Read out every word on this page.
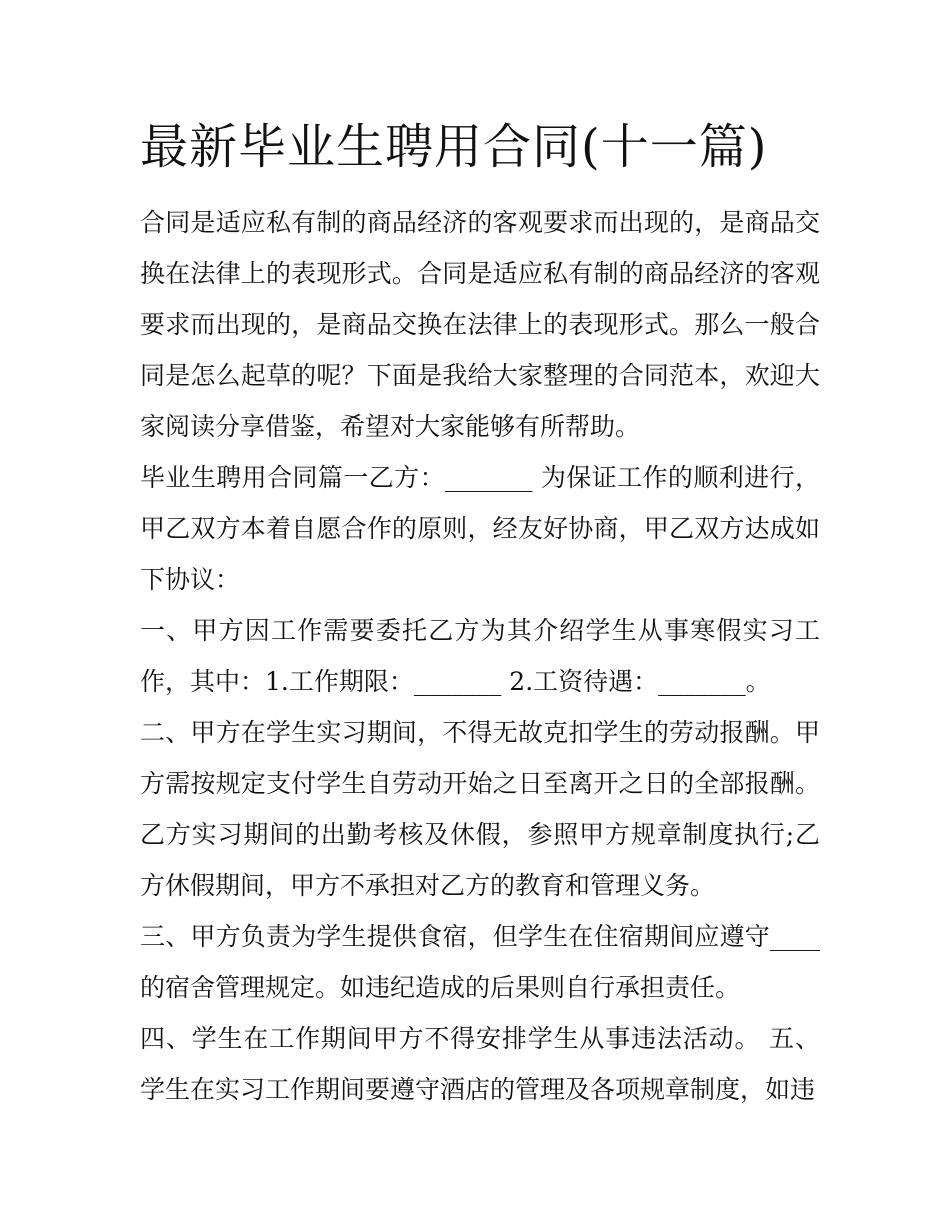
最新毕业生聘用合同(十一篇)

合同是适应私有制的商品经济的客观要求而出现的，是商品交换在法律上的表现形式。合同是适应私有制的商品经济的客观要求而出现的，是商品交换在法律上的表现形式。那么一般合同是怎么起草的呢？下面是我给大家整理的合同范本，欢迎大家阅读分享借鉴，希望对大家能够有所帮助。

毕业生聘用合同篇一乙方：_______ 为保证工作的顺利进行，甲乙双方本着自愿合作的原则，经友好协商，甲乙双方达成如下协议：

一、甲方因工作需要委托乙方为其介绍学生从事寒假实习工作，其中：1.工作期限：_______ 2.工资待遇：_______。

二、甲方在学生实习期间，不得无故克扣学生的劳动报酬。甲方需按规定支付学生自劳动开始之日至离开之日的全部报酬。乙方实习期间的出勤考核及休假，参照甲方规章制度执行;乙方休假期间，甲方不承担对乙方的教育和管理义务。

三、甲方负责为学生提供食宿，但学生在住宿期间应遵守____的宿舍管理规定。如违纪造成的后果则自行承担责任。

四、学生在工作期间甲方不得安排学生从事违法活动。 五、学生在实习工作期间要遵守酒店的管理及各项规章制度，如违
